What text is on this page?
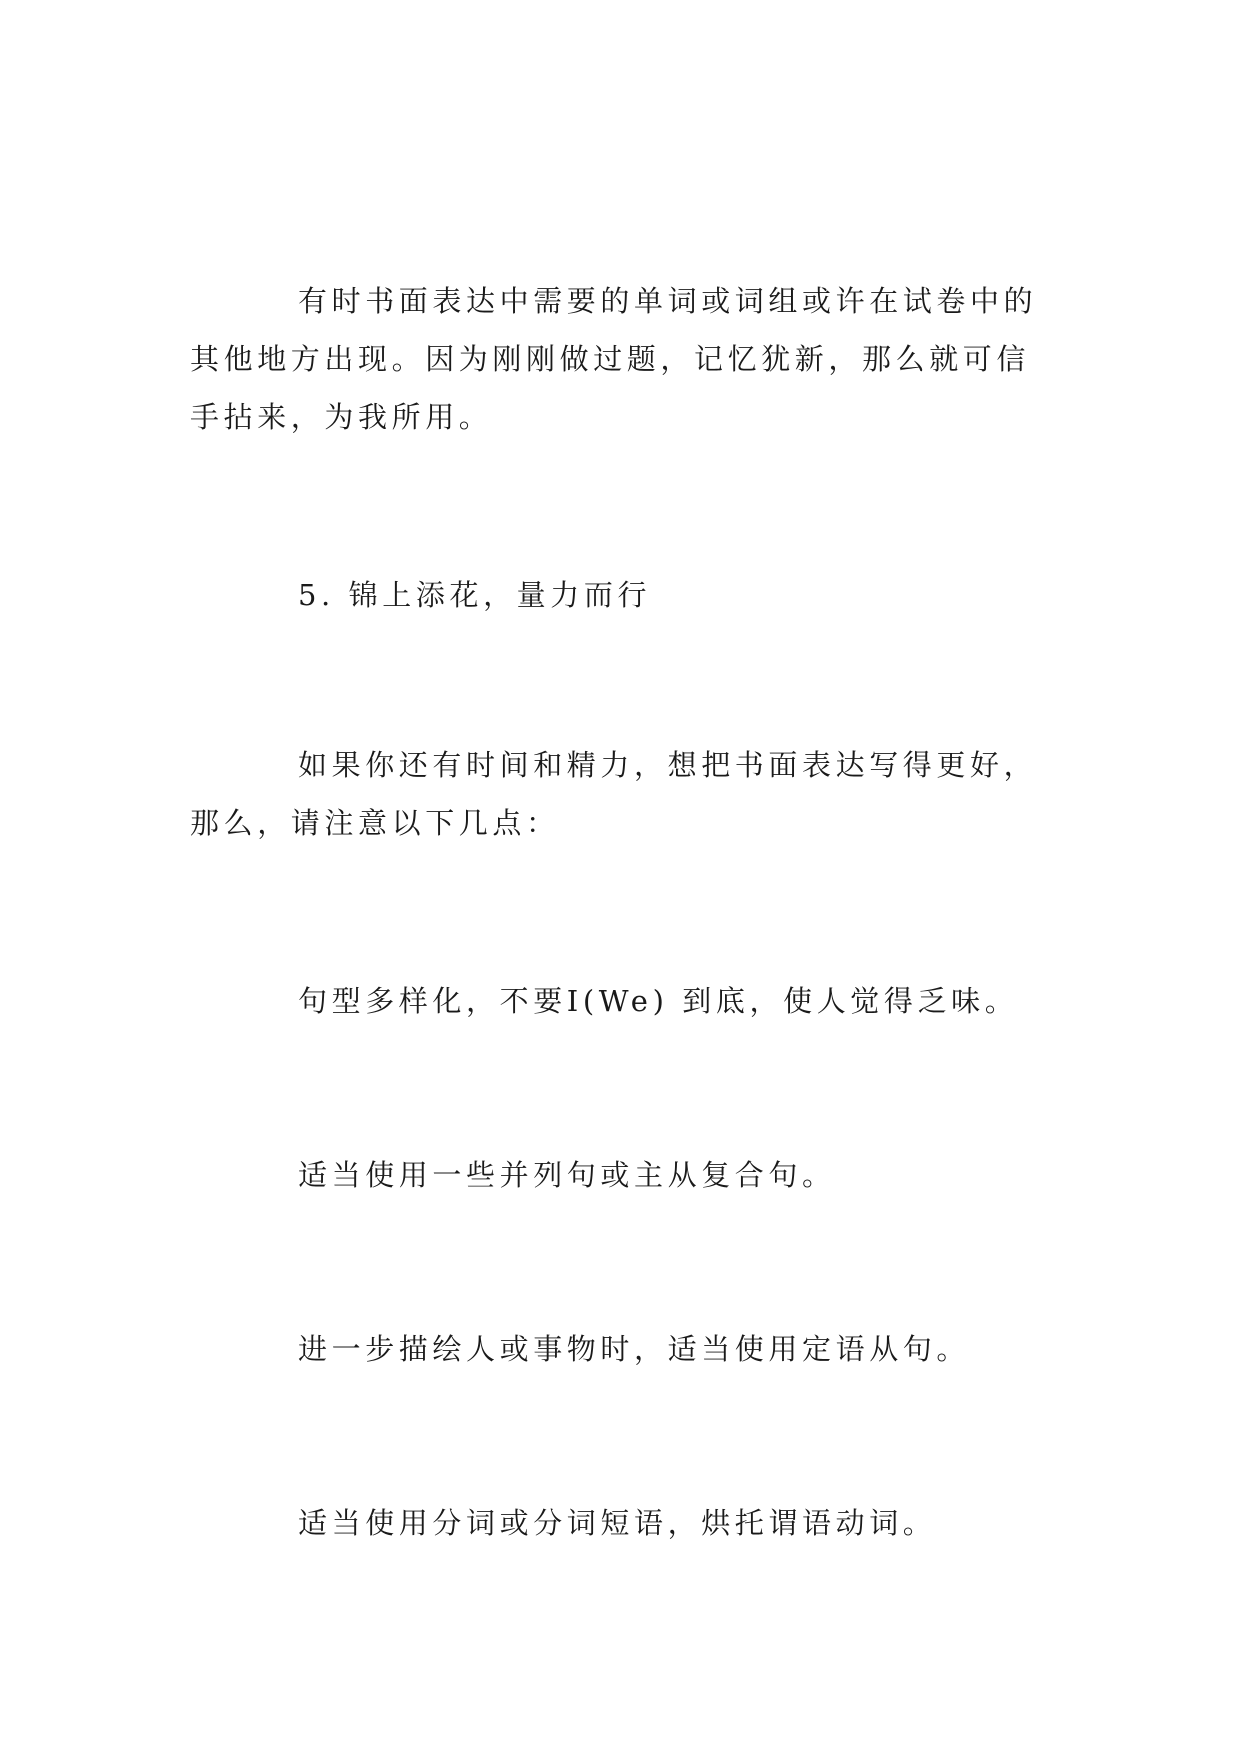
有时书面表达中需要的单词或词组或许在试卷中的其他地方出现。因为刚刚做过题，记忆犹新，那么就可信手拈来，为我所用。

5. 锦上添花，量力而行

如果你还有时间和精力，想把书面表达写得更好，那么，请注意以下几点：

句型多样化，不要I(We) 到底，使人觉得乏味。

适当使用一些并列句或主从复合句。

进一步描绘人或事物时，适当使用定语从句。

适当使用分词或分词短语，烘托谓语动词。
